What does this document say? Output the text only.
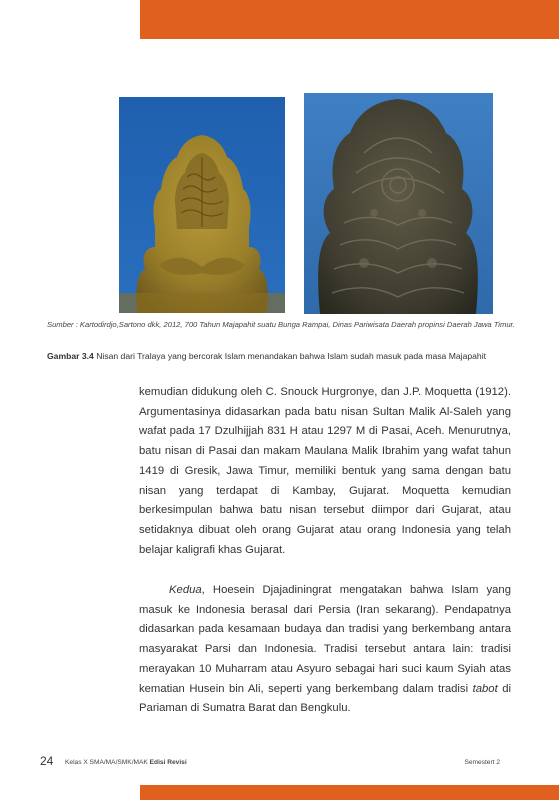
Sumber : Kartodirdjo,Sartono dkk, 2012, 700 Tahun Majapahit suatu Bunga Rampai, Dinas Pariwisata Daerah propinsi Daerah Jawa Timur.
Gambar 3.4 Nisan dari Tralaya yang bercorak Islam menandakan bahwa Islam sudah masuk pada masa Majapahit

kemudian didukung oleh C. Snouck Hurgronye, dan J.P. Moquetta (1912). Argumentasinya didasarkan pada batu nisan Sultan Malik Al-Saleh yang wafat pada 17 Dzulhijjah 831 H atau 1297 M di Pasai, Aceh. Menurutnya, batu nisan di Pasai dan makam Maulana Malik Ibrahim yang wafat tahun 1419 di Gresik, Jawa Timur, memiliki bentuk yang sama dengan batu nisan yang terdapat di Kambay, Gujarat. Moquetta kemudian berkesimpulan bahwa batu nisan tersebut diimpor dari Gujarat, atau setidaknya dibuat oleh orang Gujarat atau orang Indonesia yang telah belajar kaligrafi khas Gujarat.

Kedua, Hoesein Djajadiningrat mengatakan bahwa Islam yang masuk ke Indonesia berasal dari Persia (Iran sekarang). Pendapatnya didasarkan pada kesamaan budaya dan tradisi yang berkembang antara masyarakat Parsi dan Indonesia. Tradisi tersebut antara lain: tradisi merayakan 10 Muharram atau Asyuro sebagai hari suci kaum Syiah atas kematian Husein bin Ali, seperti yang berkembang dalam tradisi tabot di Pariaman di Sumatra Barat dan Bengkulu.

24 Kelas X SMA/MA/SMK/MAK Edisi Revisi	Semestert 2
